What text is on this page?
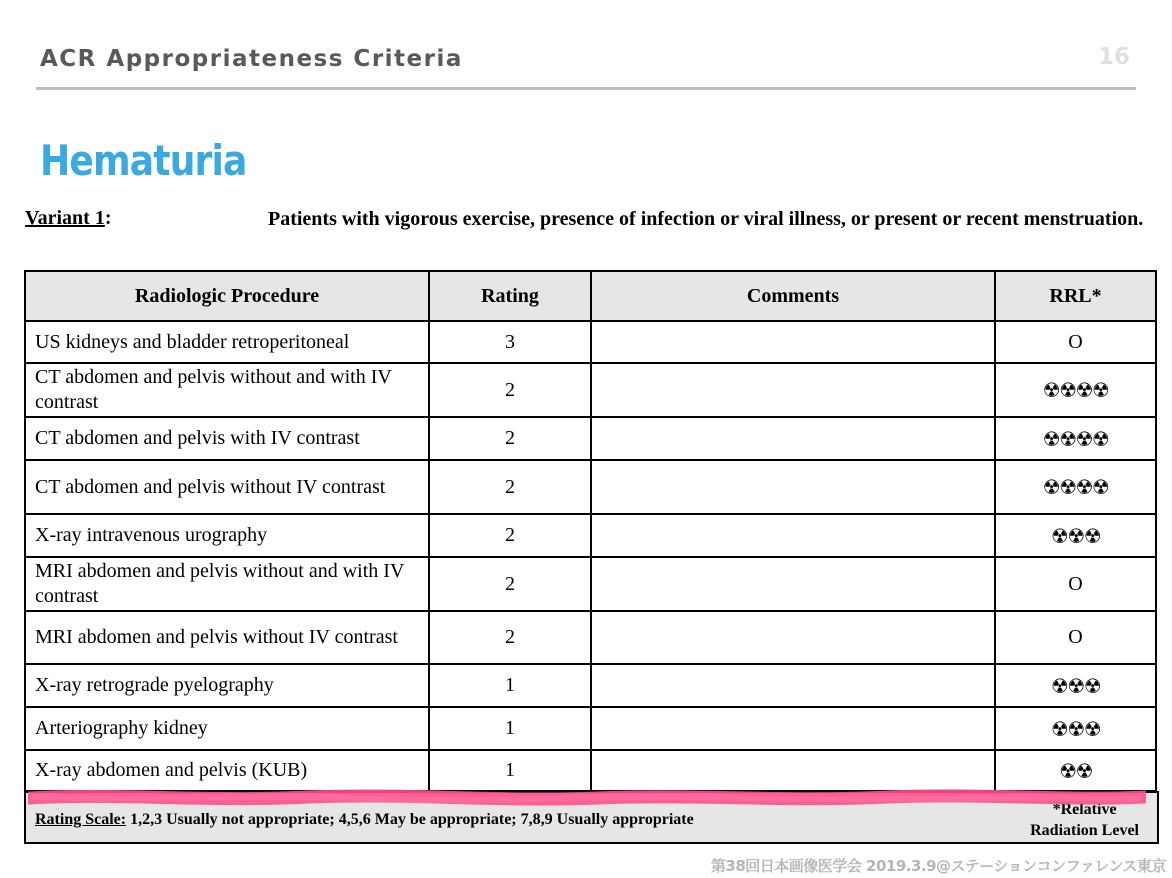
ACR Appropriateness Criteria	16
Hematuria
Variant 1:	Patients with vigorous exercise, presence of infection or viral illness, or present or recent menstruation.
Radiologic Procedure	Rating	Comments	RRL*
US kidneys and bladder retroperitoneal	3		O
CT abdomen and pelvis without and with IV contrast	2		☢☢☢☢
CT abdomen and pelvis with IV contrast	2		☢☢☢☢
CT abdomen and pelvis without IV contrast	2		☢☢☢☢
X-ray intravenous urography	2		☢☢☢
MRI abdomen and pelvis without and with IV contrast	2		O
MRI abdomen and pelvis without IV contrast	2		O
X-ray retrograde pyelography	1		☢☢☢
Arteriography kidney	1		☢☢☢
X-ray abdomen and pelvis (KUB)	1		☢☢
Rating Scale: 1,2,3 Usually not appropriate; 4,5,6 May be appropriate; 7,8,9 Usually appropriate
*Relative
Radiation Level
第38回日本画像医学会 2019.3.9@ステーションコンファレンス東京
